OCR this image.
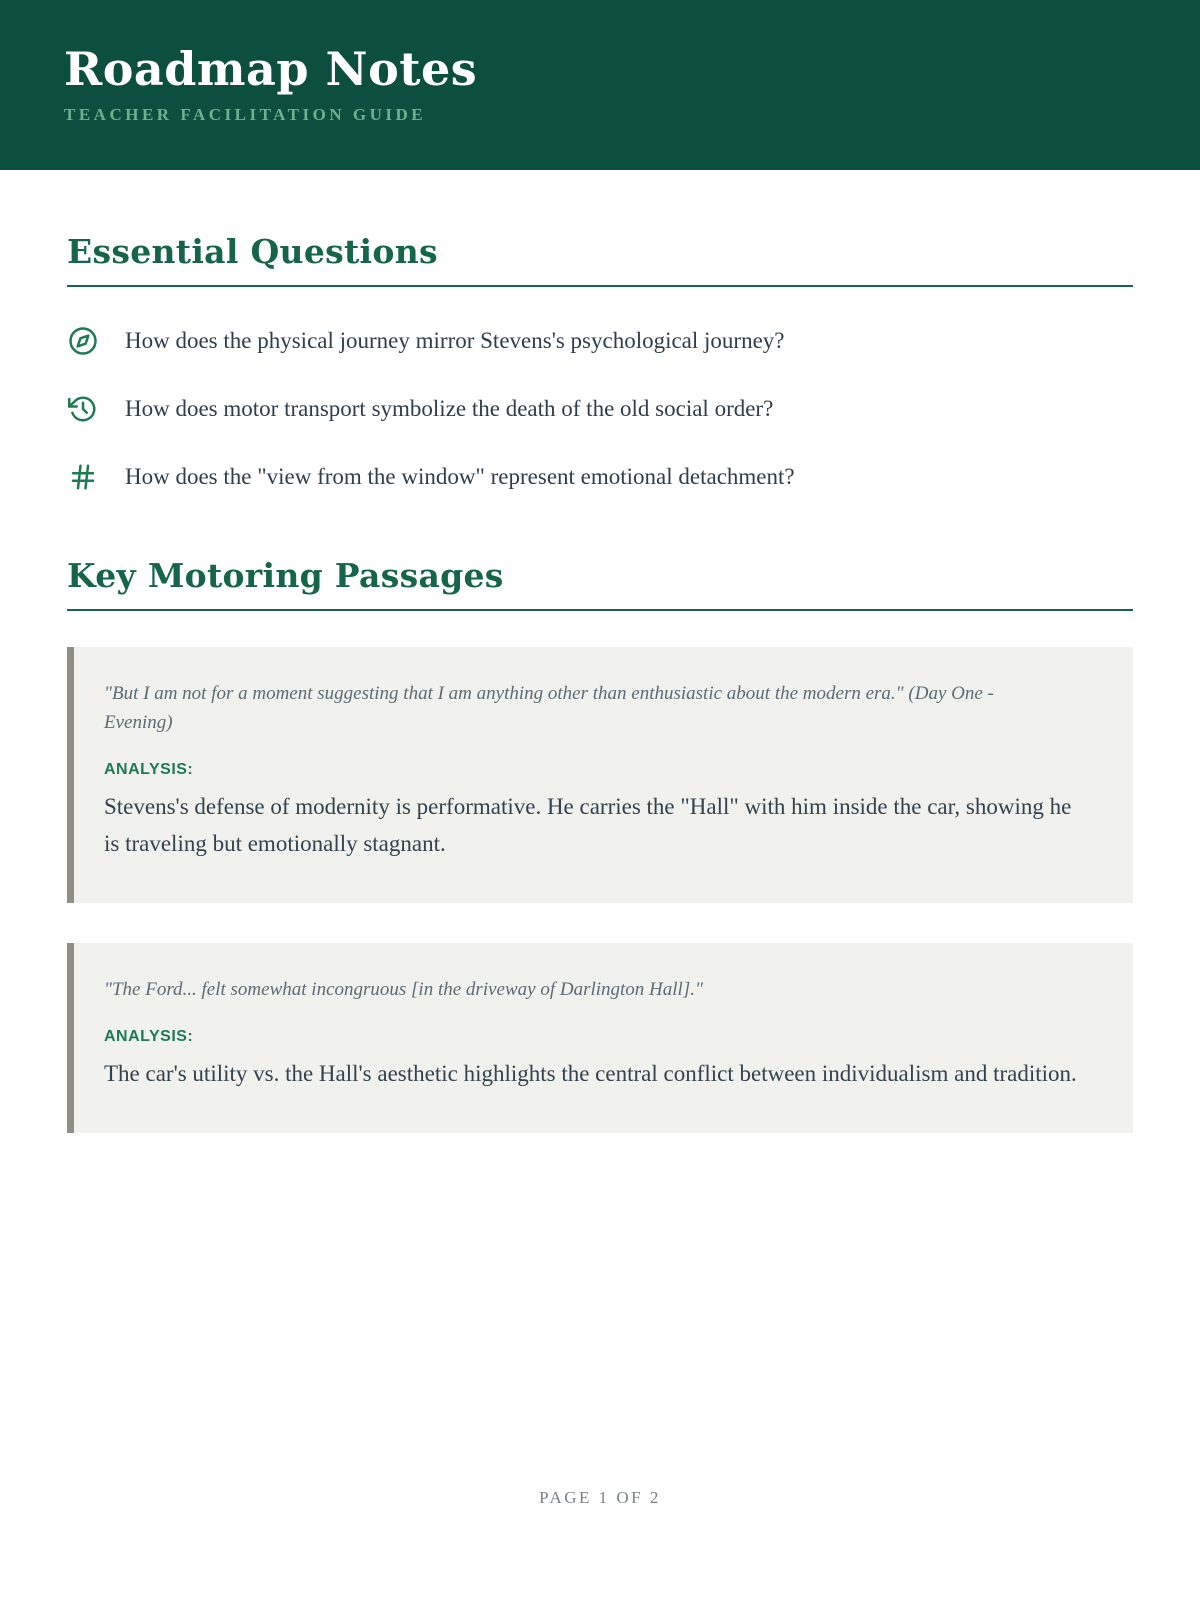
Roadmap Notes
TEACHER FACILITATION GUIDE
Essential Questions
How does the physical journey mirror Stevens's psychological journey?
How does motor transport symbolize the death of the old social order?
How does the "view from the window" represent emotional detachment?
Key Motoring Passages
"But I am not for a moment suggesting that I am anything other than enthusiastic about the modern era." (Day One - Evening)
ANALYSIS:
Stevens's defense of modernity is performative. He carries the "Hall" with him inside the car, showing he is traveling but emotionally stagnant.
"The Ford... felt somewhat incongruous [in the driveway of Darlington Hall]."
ANALYSIS:
The car's utility vs. the Hall's aesthetic highlights the central conflict between individualism and tradition.
PAGE 1 OF 2
